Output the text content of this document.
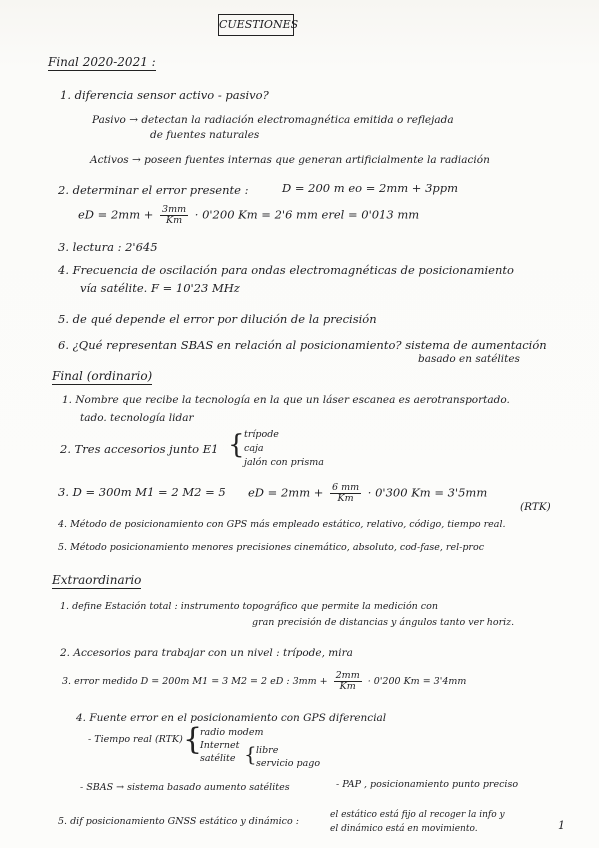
CUESTIONES
Final 2020-2021 :
1. diferencia sensor activo - pasivo?
Pasivo → detectan la radiación electromagnética emitida o reflejada
de fuentes naturales
Activos → poseen fuentes internas que generan artificialmente la radiación
2. determinar el error presente :	D = 200 m eo = 2mm + 3ppm
eD = $2mm + \frac{3mm}{Km} \cdot 0'200$ Km = 2'6 mm erel = 0'013 mm
3. lectura : 2'645
4. Frecuencia de oscilación para ondas electromagnéticas de posicionamiento
vía satélite. F = 10'23 MHz
5. de qué depende el error por dilución de la precisión
6. ¿Qué representan SBAS en relación al posicionamiento? sistema de aumentación
basado en satélites
Final (ordinario)
1. Nombre que recibe la tecnología en la que un láser escanea es aerotransportado.
tado. tecnología lidar
2. Tres accesorios junto E1 { trípode
caja
jalón con prisma
3. D = 300m M1 = 2 M2 = 5 eD = $2mm + \frac{6 mm}{Km} \cdot 0'300$ Km = 3'5mm
(RTK)
4. Método de posicionamiento con GPS más empleado estático, relativo, código, tiempo real.
5. Método posicionamiento menores precisiones cinemático, absoluto, cod-fase, rel-proc
Extraordinario
1. define Estación total : instrumento topográfico que permite la medición con
gran precisión de distancias y ángulos tanto ver horiz.
2. Accesorios para trabajar con un nivel : trípode, mira
3. error medido D = 200m M1 = 3 M2 = 2 eD : $3mm + \frac{2mm}{Km} \cdot 0'200$ Km = 3'4mm
4. Fuente error en el posicionamiento con GPS diferencial
- Tiempo real (RTK) {
radio modem
Internet
satélite { libre
servicio pago
- SBAS → sistema basado aumento satélites	- PAP , posicionamiento punto preciso
5. dif posicionamiento GNSS estático y dinámico :
el estático está fijo al recoger la info y
el dinámico está en movimiento.	1
